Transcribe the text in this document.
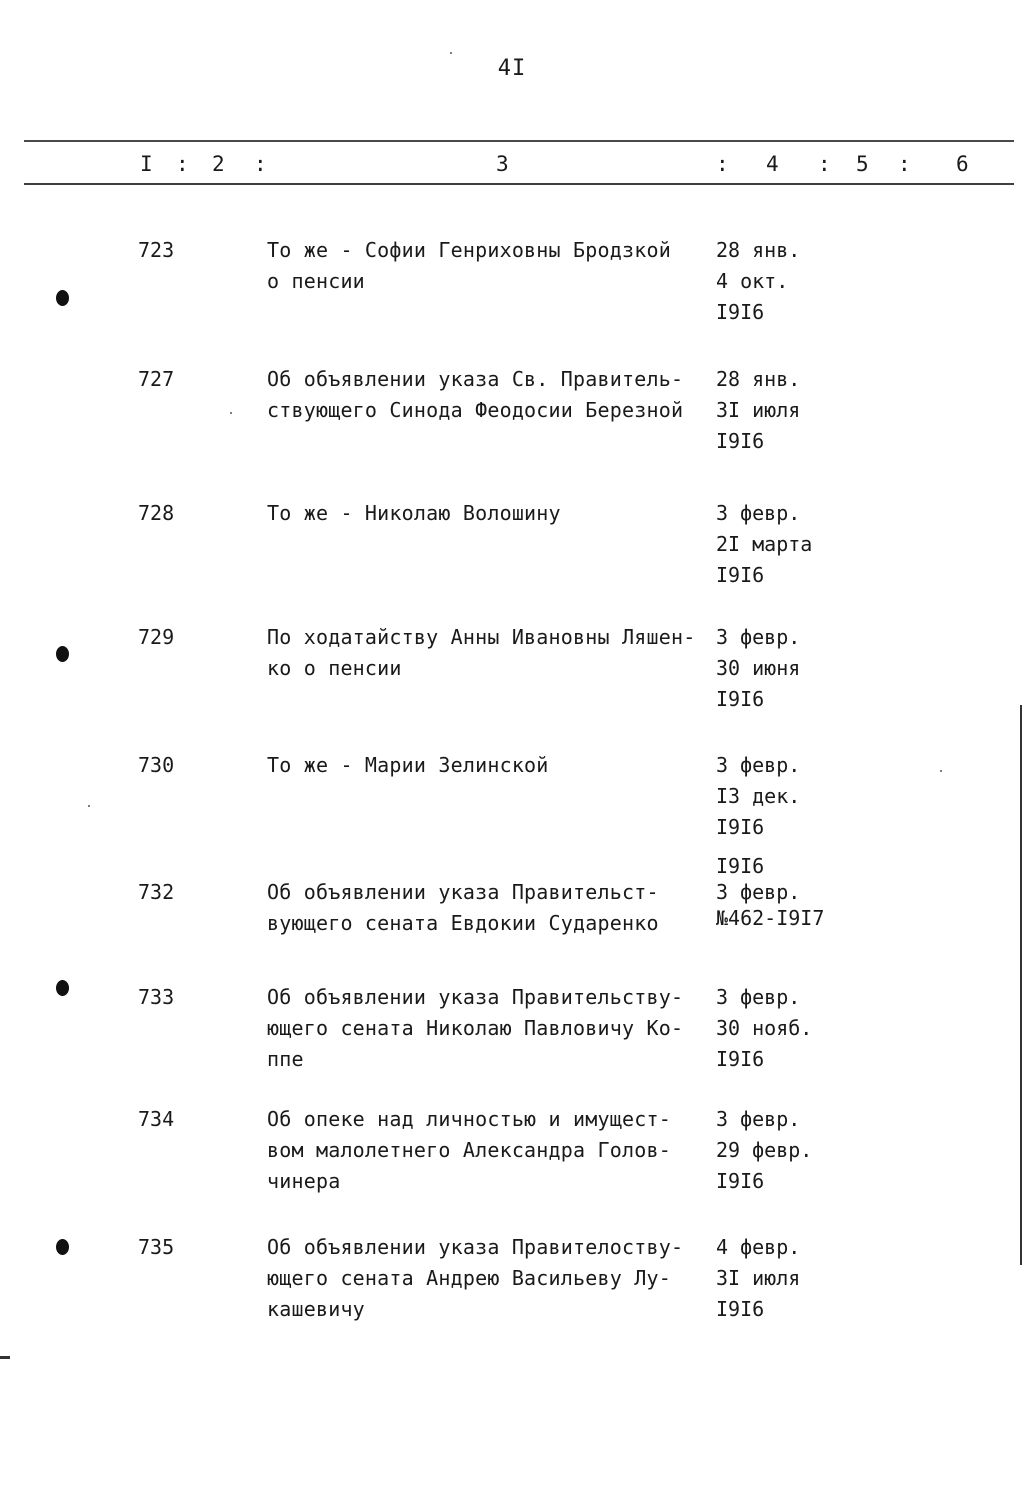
4I
I : 2 :	3	: 4 : 5 : 6
723	То же - Софии Генриховны Бродзкой
о пенсии
28 янв.
4 окт.
I9I6
727	Об объявлении указа Св. Правитель-
ствующего Синода Феодосии Березной
28 янв.
3I июля
I9I6
728	То же - Николаю Волошину	3 февр.
2I марта
I9I6
729	По ходатайству Анны Ивановны Ляшен-
ко о пенсии
3 февр.
30 июня
I9I6
730	То же - Марии Зелинской	3 февр.
I3 дек.
I9I6
732	Об объявлении указа Правительст-
вующего сената Евдокии Сударенко
I9I6
3 февр.
№462-I9I7
733	Об объявлении указа Правительству-
ющего сената Николаю Павловичу Ко-
ппе
3 февр.
30 нояб.
I9I6
734	Об опеке над личностью и имущест-
вом малолетнего Александра Голов-
чинера
3 февр.
29 февр.
I9I6
735	Об объявлении указа Правителоству-
ющего сената Андрею Васильеву Лу-
кашевичу
4 февр.
3I июля
I9I6
